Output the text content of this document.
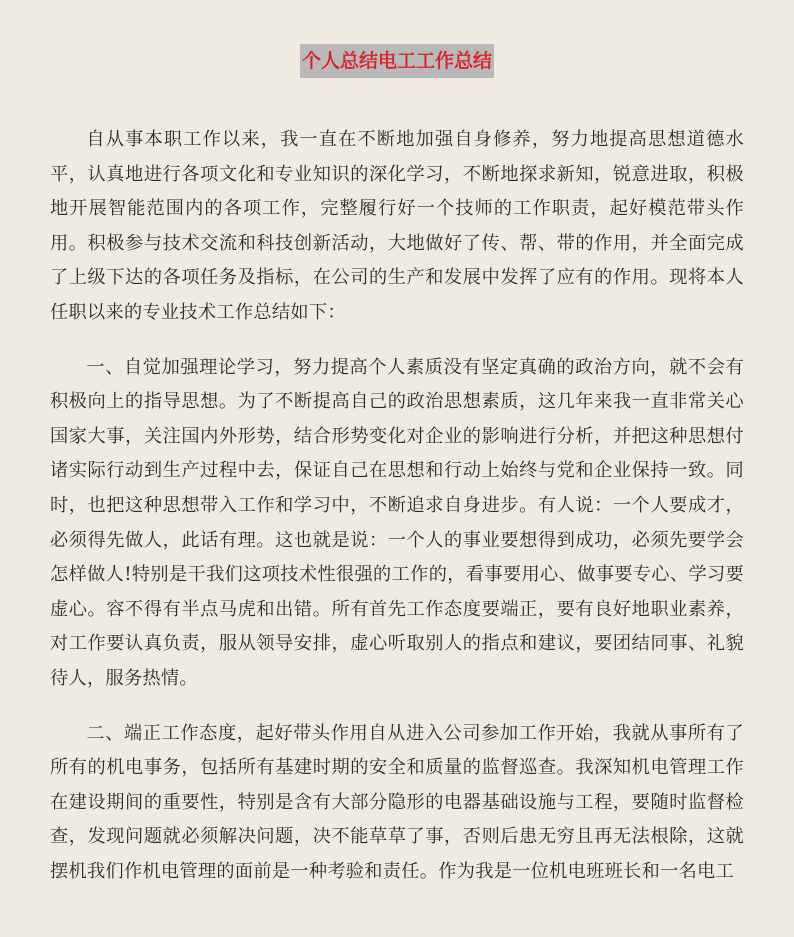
个人总结电工工作总结

自从事本职工作以来，我一直在不断地加强自身修养，努力地提高思想道德水平，认真地进行各项文化和专业知识的深化学习，不断地探求新知，锐意进取，积极地开展智能范围内的各项工作，完整履行好一个技师的工作职责，起好模范带头作用。积极参与技术交流和科技创新活动，大地做好了传、帮、带的作用，并全面完成了上级下达的各项任务及指标，在公司的生产和发展中发挥了应有的作用。现将本人任职以来的专业技术工作总结如下：

一、自觉加强理论学习，努力提高个人素质没有坚定真确的政治方向，就不会有积极向上的指导思想。为了不断提高自己的政治思想素质，这几年来我一直非常关心国家大事，关注国内外形势，结合形势变化对企业的影响进行分析，并把这种思想付诸实际行动到生产过程中去，保证自己在思想和行动上始终与党和企业保持一致。同时，也把这种思想带入工作和学习中，不断追求自身进步。有人说：一个人要成才，必须得先做人，此话有理。这也就是说：一个人的事业要想得到成功，必须先要学会怎样做人!特别是干我们这项技术性很强的工作的，看事要用心、做事要专心、学习要虚心。容不得有半点马虎和出错。所有首先工作态度要端正，要有良好地职业素养，对工作要认真负责，服从领导安排，虚心听取别人的指点和建议，要团结同事、礼貌待人，服务热情。

二、端正工作态度，起好带头作用自从进入公司参加工作开始，我就从事所有了所有的机电事务，包括所有基建时期的安全和质量的监督巡查。我深知机电管理工作在建设期间的重要性，特别是含有大部分隐形的电器基础设施与工程，要随时监督检查，发现问题就必须解决问题，决不能草草了事，否则后患无穷且再无法根除，这就摆机我们作机电管理的面前是一种考验和责任。作为我是一位机电班班长和一名电工
